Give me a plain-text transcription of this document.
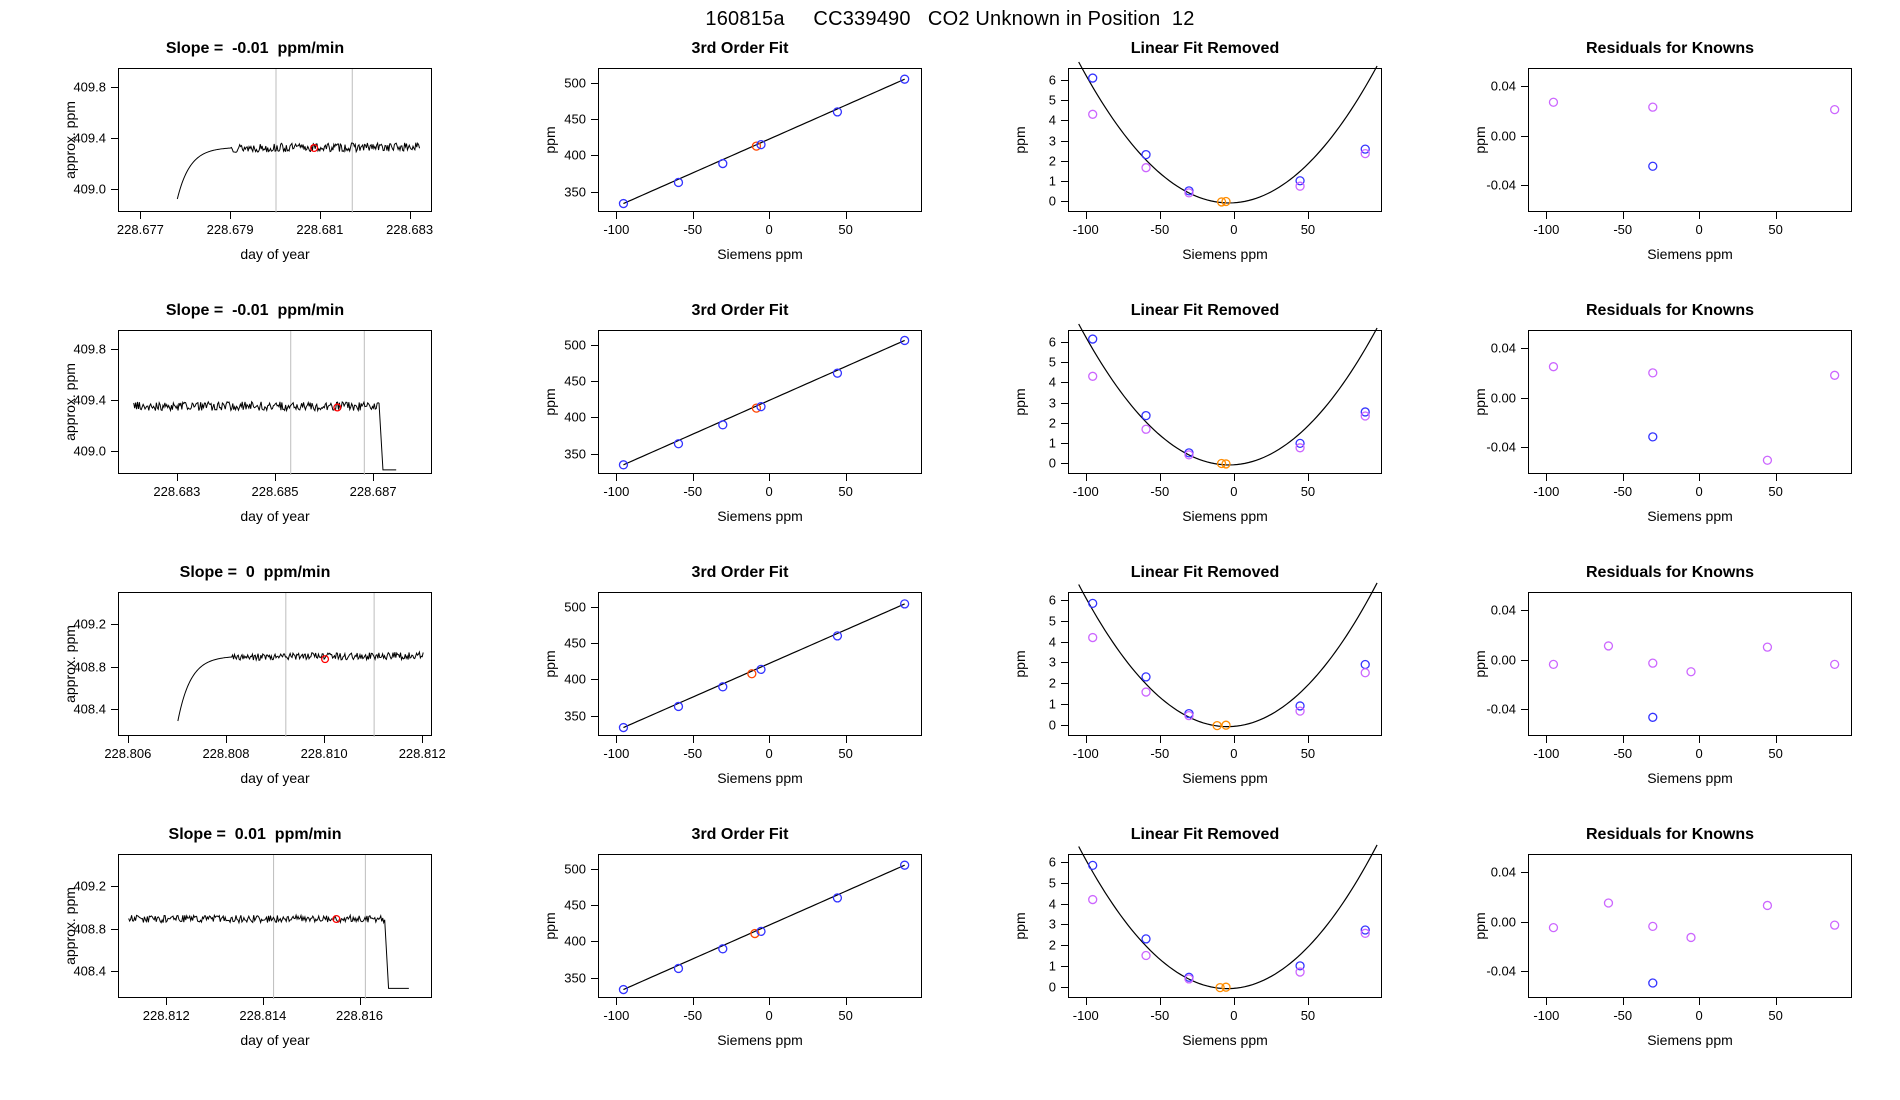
160815a     CC339490   CO2 Unknown in Position  12
Slope =  -0.01  ppm/min
228.677	228.679	228.681	228.683
409.0
409.4
409.8
day of year
approx. ppm
3rd Order Fit
-100	-50	0	50
350
400
450
500
Siemens ppm
ppm
Linear Fit Removed
-100	-50	0	50
0
1
2
3
4
5
6
Siemens ppm
ppm
Residuals for Knowns
-100	-50	0	50
-0.04
0.00
0.04
Siemens ppm
ppm
Slope =  -0.01  ppm/min
228.683	228.685	228.687
409.0
409.4
409.8
day of year
approx. ppm
3rd Order Fit
-100	-50	0	50
350
400
450
500
Siemens ppm
ppm
Linear Fit Removed
-100	-50	0	50
0
1
2
3
4
5
6
Siemens ppm
ppm
Residuals for Knowns
-100	-50	0	50
-0.04
0.00
0.04
Siemens ppm
ppm
Slope =  0  ppm/min
228.806	228.808	228.810	228.812
408.4
408.8
409.2
day of year
approx. ppm
3rd Order Fit
-100	-50	0	50
350
400
450
500
Siemens ppm
ppm
Linear Fit Removed
-100	-50	0	50
0
1
2
3
4
5
6
Siemens ppm
ppm
Residuals for Knowns
-100	-50	0	50
-0.04
0.00
0.04
Siemens ppm
ppm
Slope =  0.01  ppm/min
228.812	228.814	228.816
408.4
408.8
409.2
day of year
approx. ppm
3rd Order Fit
-100	-50	0	50
350
400
450
500
Siemens ppm
ppm
Linear Fit Removed
-100	-50	0	50
0
1
2
3
4
5
6
Siemens ppm
ppm
Residuals for Knowns
-100	-50	0	50
-0.04
0.00
0.04
Siemens ppm
ppm
